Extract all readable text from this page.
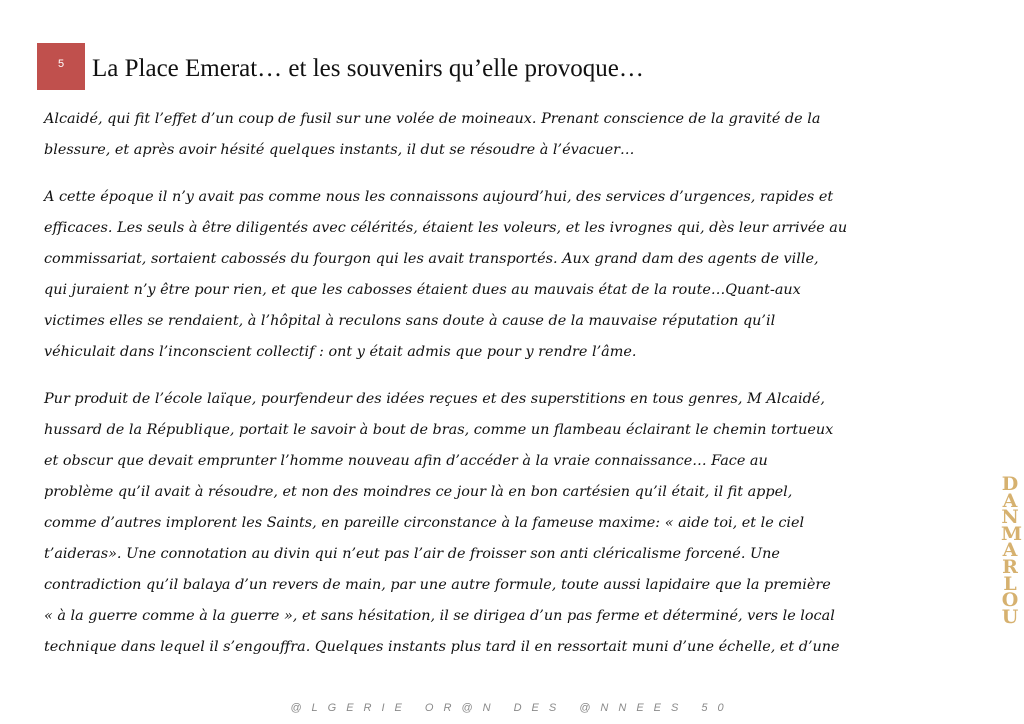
5 La Place Emerat… et les souvenirs qu’elle provoque…

Alcaidé, qui fit l’effet d’un coup de fusil sur une volée de moineaux. Prenant conscience de la gravité de la
blessure, et après avoir hésité quelques instants, il dut se résoudre à l’évacuer…

A cette époque il n’y avait pas comme nous les connaissons aujourd’hui, des services d’urgences, rapides et
efficaces. Les seuls à être diligentés avec célérités, étaient les voleurs, et les ivrognes qui, dès leur arrivée au
commissariat, sortaient cabossés du fourgon qui les avait transportés. Aux grand dam des agents de ville,
qui juraient n’y être pour rien, et que les cabosses étaient dues au mauvais état de la route…Quant-aux
victimes elles se rendaient, à l’hôpital à reculons sans doute à cause de la mauvaise réputation qu’il
véhiculait dans l’inconscient collectif : ont y était admis que pour y rendre l’âme.

Pur produit de l’école laïque, pourfendeur des idées reçues et des superstitions en tous genres, M Alcaidé,
hussard de la République, portait le savoir à bout de bras, comme un flambeau éclairant le chemin tortueux
et obscur que devait emprunter l’homme nouveau afin d’accéder à la vraie connaissance… Face au
problème qu’il avait à résoudre, et non des moindres ce jour là en bon cartésien qu’il était, il fit appel,
comme d’autres implorent les Saints, en pareille circonstance à la fameuse maxime: « aide toi, et le ciel
t’aideras». Une connotation au divin qui n’eut pas l’air de froisser son anti cléricalisme forcené. Une
contradiction qu’il balaya d’un revers de main, par une autre formule, toute aussi lapidaire que la première
« à la guerre comme à la guerre », et sans hésitation, il se dirigea d’un pas ferme et déterminé, vers le local
technique dans lequel il s’engouffra. Quelques instants plus tard il en ressortait muni d’une échelle, et d’une

D
A
N
M
A
R
L
O
U
@LGERIE OR@N DES @NNEES 50
